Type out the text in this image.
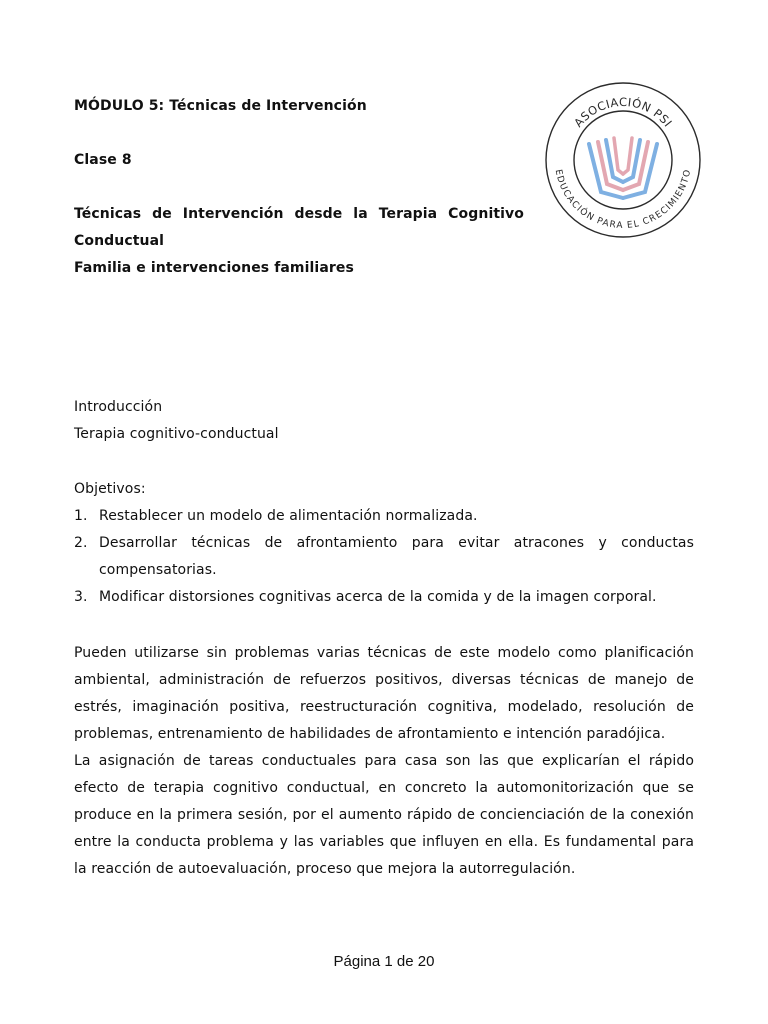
MÓDULO 5: Técnicas de Intervención
Clase 8
Técnicas de Intervención desde la Terapia Cognitivo Conductual
Familia e intervenciones familiares
ASOCIACIÓN PSI
EDUCACIÓN PARA EL CRECIMIENTO
Introducción
Terapia cognitivo-conductual
Objetivos:
1. Restablecer un modelo de alimentación normalizada.
2. Desarrollar técnicas de afrontamiento para evitar atracones y conductas compensatorias.
3. Modificar distorsiones cognitivas acerca de la comida y de la imagen corporal.
Pueden utilizarse sin problemas varias técnicas de este modelo como planificación ambiental, administración de refuerzos positivos, diversas técnicas de manejo de estrés, imaginación positiva, reestructuración cognitiva, modelado, resolución de problemas, entrenamiento de habilidades de afrontamiento e intención paradójica.
La asignación de tareas conductuales para casa son las que explicarían el rápido efecto de terapia cognitivo conductual, en concreto la automonitorización que se produce en la primera sesión, por el aumento rápido de concienciación de la conexión entre la conducta problema y las variables que influyen en ella. Es fundamental para la reacción de autoevaluación, proceso que mejora la autorregulación.
Página 1 de 20
